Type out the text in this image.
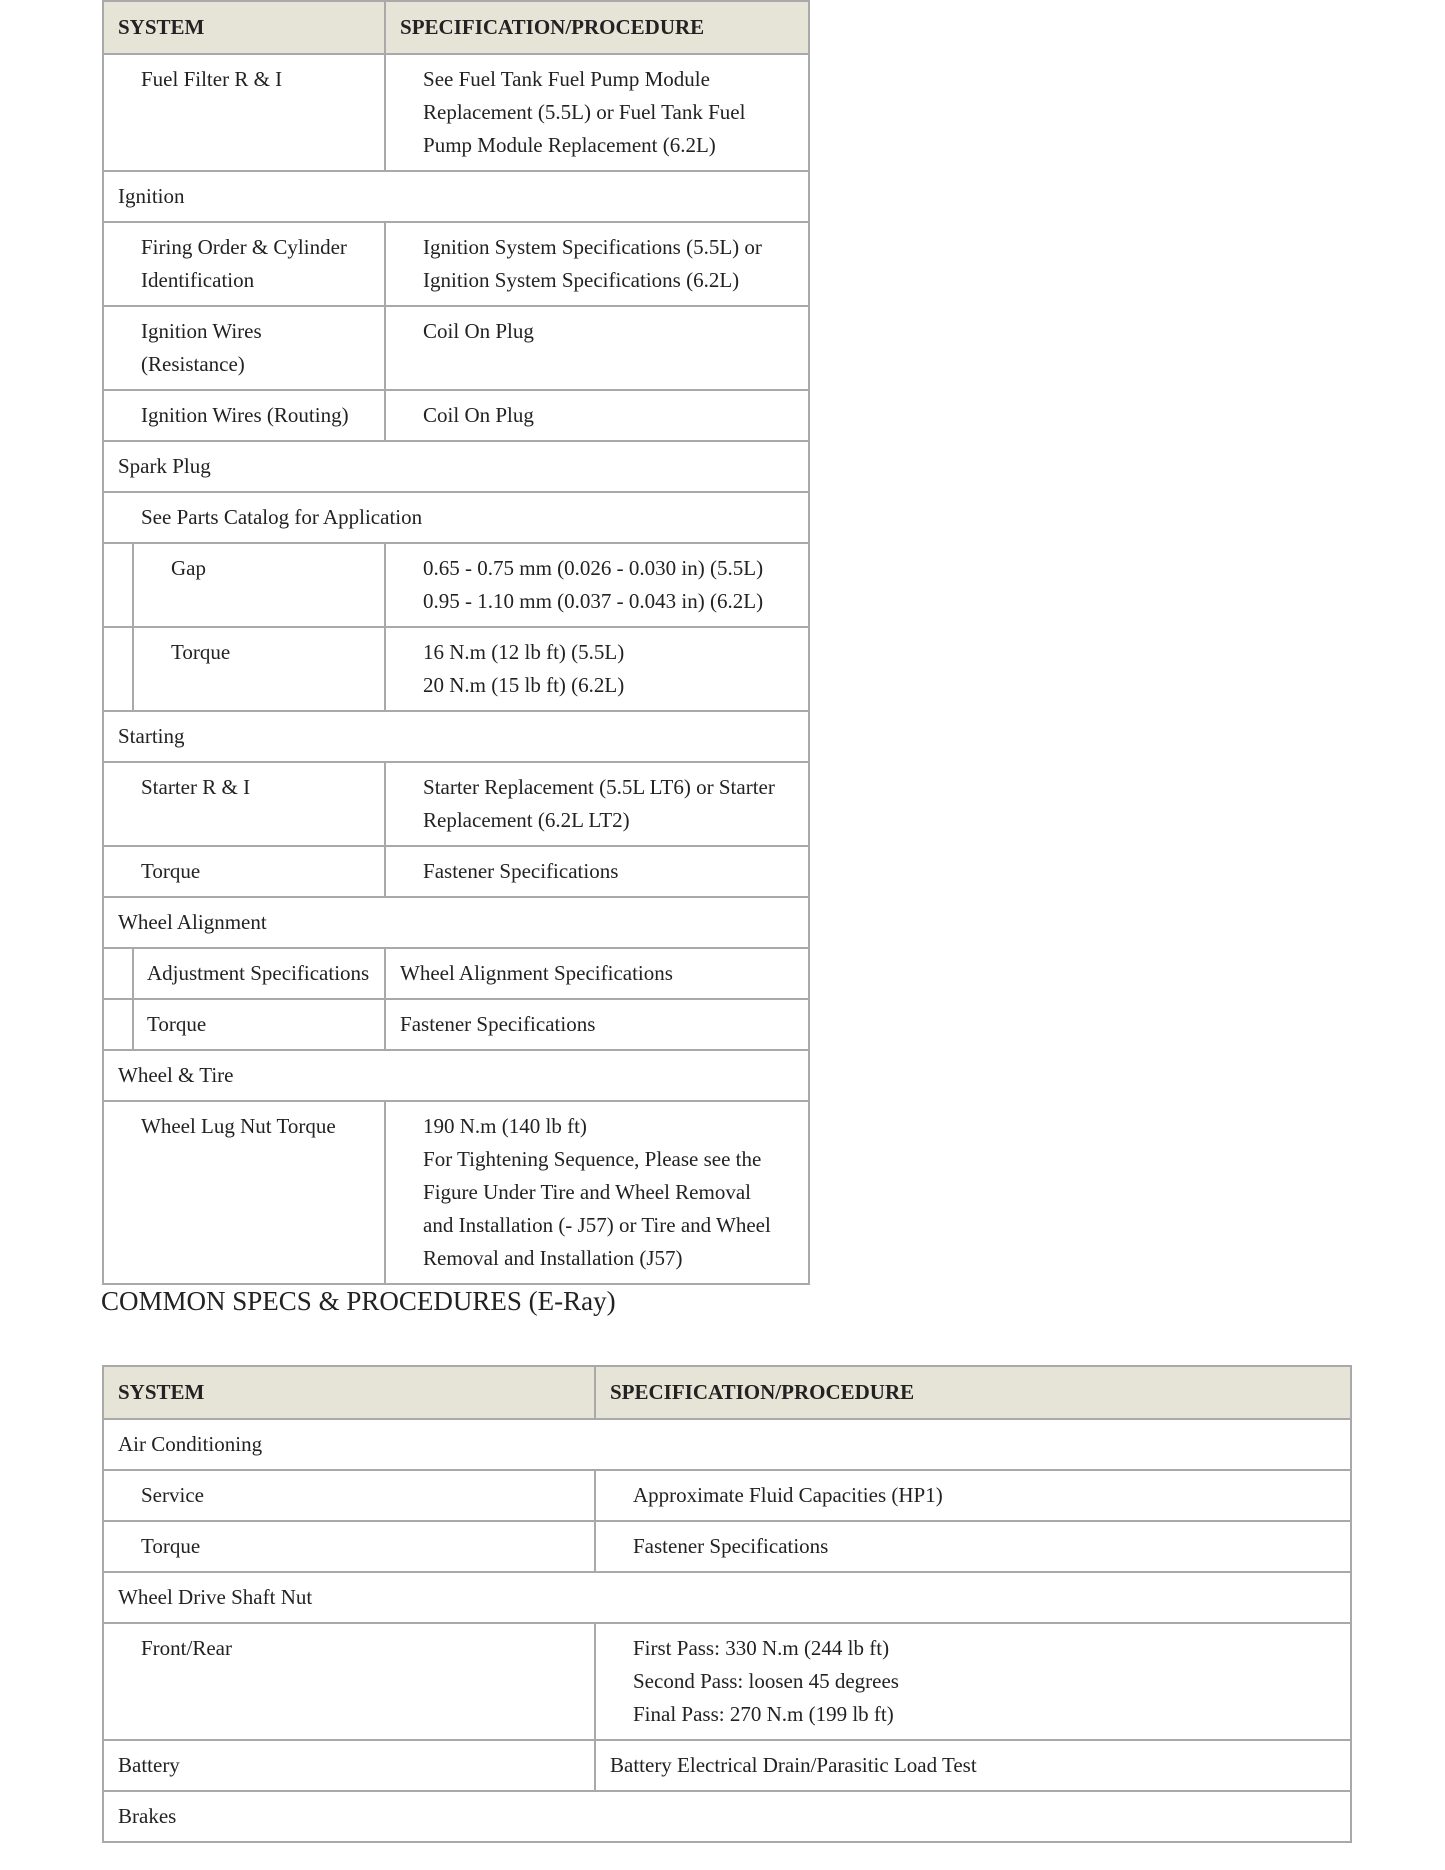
SYSTEM		SPECIFICATION/PROCEDURE
Fuel Filter R & I		See Fuel Tank Fuel Pump Module
Replacement (5.5L) or Fuel Tank Fuel
Pump Module Replacement (6.2L)

Ignition		
Firing Order & Cylinder Identification		Ignition System Specifications (5.5L) or
Ignition System Specifications (6.2L)

Ignition Wires (Resistance)		Coil On Plug
Ignition Wires (Routing)		Coil On Plug
Spark Plug		
See Parts Catalog for Application		
	Gap	0.65 - 0.75 mm (0.026 - 0.030 in) (5.5L)
0.95 - 1.10 mm (0.037 - 0.043 in) (6.2L)

	Torque	16 N.m (12 lb ft) (5.5L)
20 N.m (15 lb ft) (6.2L)

Starting		
Starter R & I		Starter Replacement (5.5L LT6) or Starter
Replacement (6.2L LT2)

Torque		Fastener Specifications
Wheel Alignment		
	Adjustment Specifications	Wheel Alignment Specifications
	Torque	Fastener Specifications
Wheel & Tire		
Wheel Lug Nut Torque		190 N.m (140 lb ft)
For Tightening Sequence, Please see the
Figure Under Tire and Wheel Removal
and Installation (- J57) or Tire and Wheel
Removal and Installation (J57)
COMMON SPECS & PROCEDURES (E-Ray)
SYSTEM	SPECIFICATION/PROCEDURE
Air Conditioning	
Service	Approximate Fluid Capacities (HP1)
Torque	Fastener Specifications
Wheel Drive Shaft Nut	
Front/Rear	First Pass: 330 N.m (244 lb ft)
Second Pass: loosen 45 degrees
Final Pass: 270 N.m (199 lb ft)

Battery	Battery Electrical Drain/Parasitic Load Test
Brakes	
